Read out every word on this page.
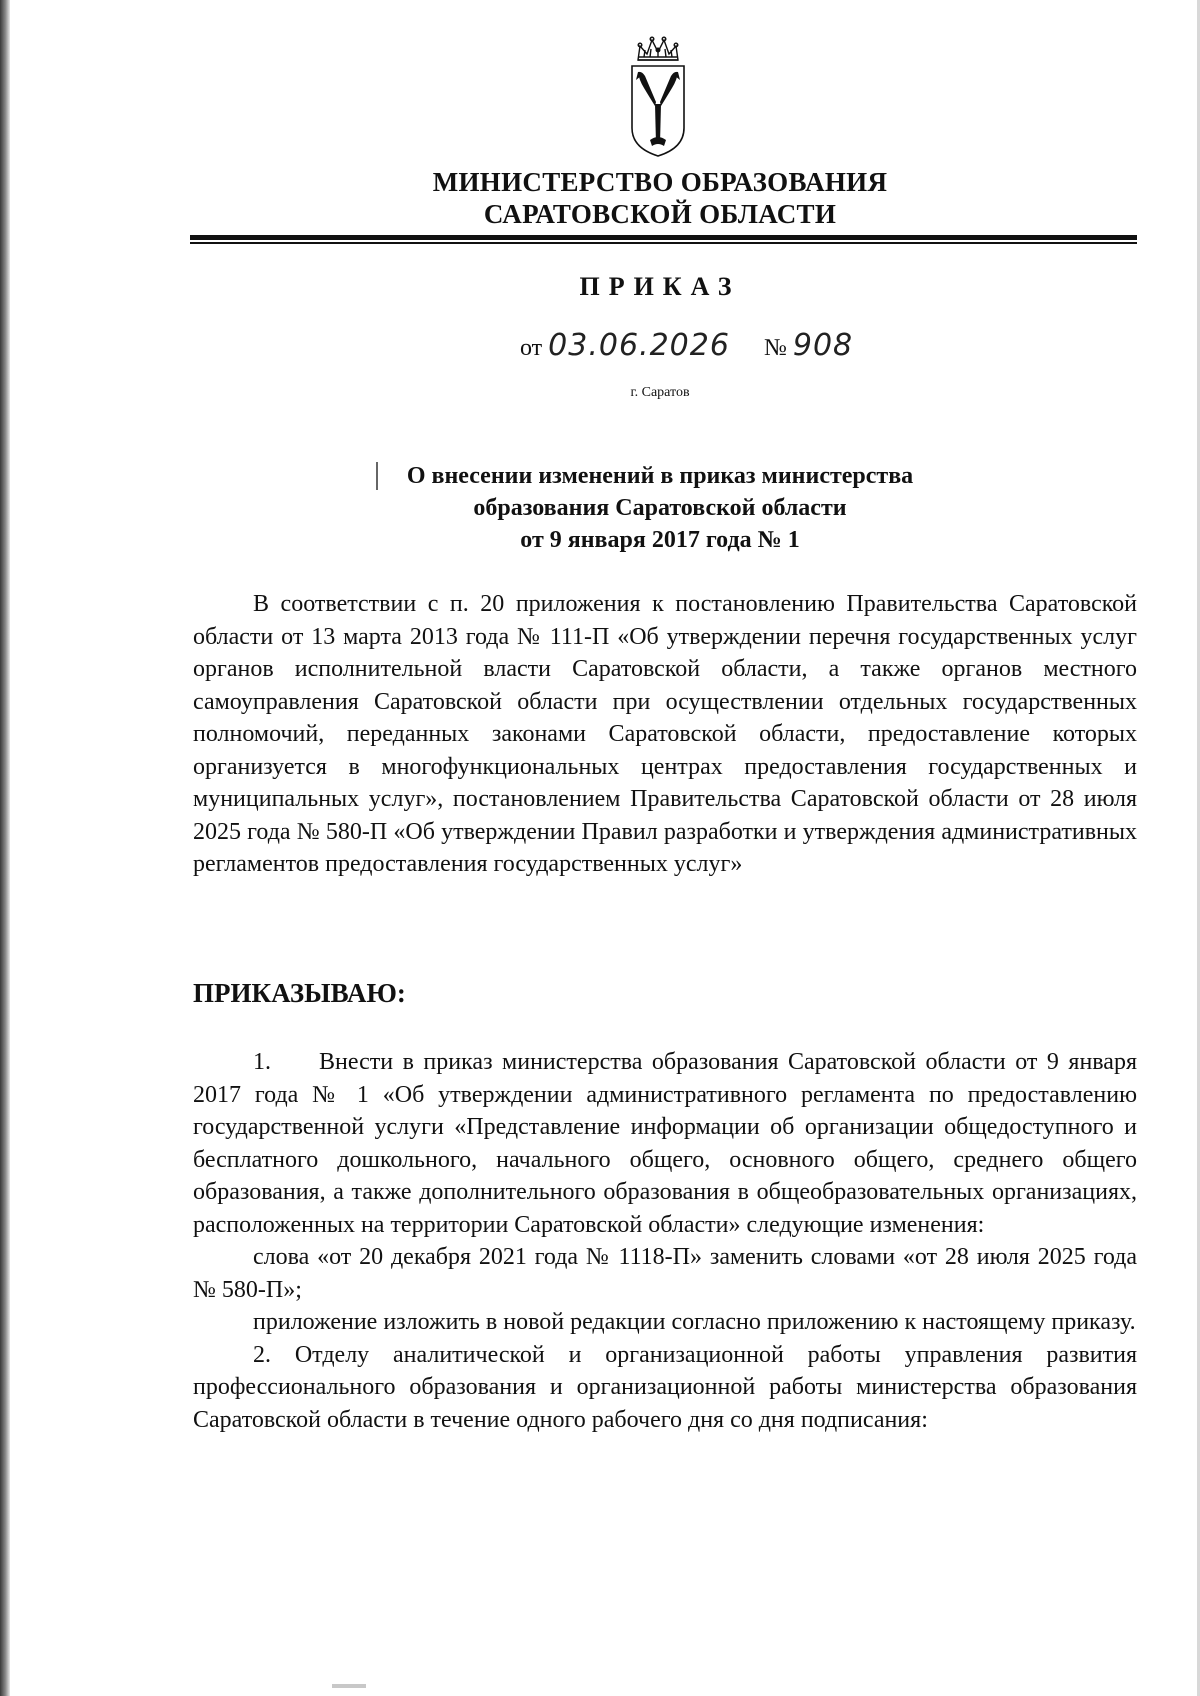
МИНИСТЕРСТВО ОБРАЗОВАНИЯ
САРАТОВСКОЙ ОБЛАСТИ
ПРИКАЗ
от 03.06.2026 № 908
г. Саратов
О внесении изменений в приказ министерства
образования Саратовской области
от 9 января 2017 года № 1

В соответствии с п. 20 приложения к постановлению Правительства Саратовской области от 13 марта 2013 года № 111-П «Об утверждении перечня государственных услуг органов исполнительной власти Саратовской области, а также органов местного самоуправления Саратовской области при осуществлении отдельных государственных полномочий, переданных законами Саратовской области, предоставление которых организуется в многофункциональных центрах предоставления государственных и муниципальных услуг», постановлением Правительства Саратовской области от 28 июля 2025 года № 580-П «Об утверждении Правил разработки и утверждения административных регламентов предоставления государственных услуг»

ПРИКАЗЫВАЮ:

1. Внести в приказ министерства образования Саратовской области от 9 января 2017 года № 1 «Об утверждении административного регламента по предоставлению государственной услуги «Представление информации об организации общедоступного и бесплатного дошкольного, начального общего, основного общего, среднего общего образования, а также дополнительного образования в общеобразовательных организациях, расположенных на территории Саратовской области» следующие изменения:

слова «от 20 декабря 2021 года № 1118-П» заменить словами «от 28 июля 2025 года № 580-П»;

приложение изложить в новой редакции согласно приложению к настоящему приказу.

2. Отделу аналитической и организационной работы управления развития профессионального образования и организационной работы министерства образования Саратовской области в течение одного рабочего дня со дня подписания:
